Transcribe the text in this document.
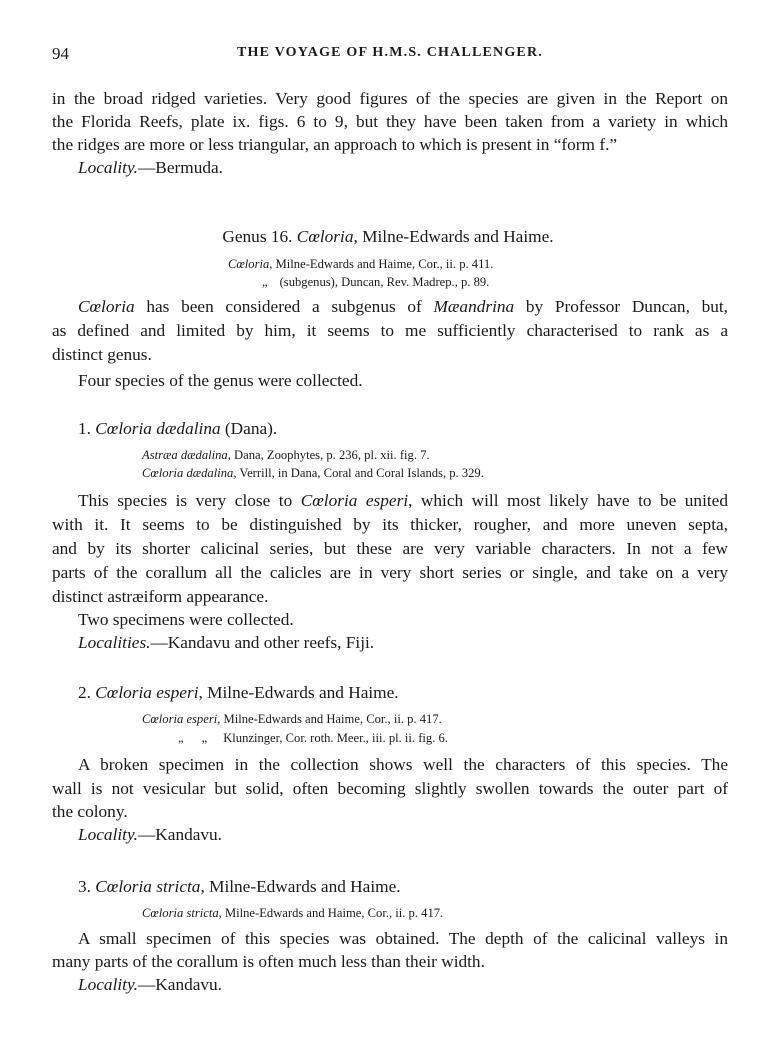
94	THE VOYAGE OF H.M.S. CHALLENGER.
in the broad ridged varieties. Very good figures of the species are given in the Report on
the Florida Reefs, plate ix. figs. 6 to 9, but they have been taken from a variety in which
the ridges are more or less triangular, an approach to which is present in “form f.”
Locality.—Bermuda.
Genus 16. Cœloria, Milne-Edwards and Haime.
Cœloria, Milne-Edwards and Haime, Cor., ii. p. 411.
„ (subgenus), Duncan, Rev. Madrep., p. 89.
Cœloria has been considered a subgenus of Mæandrina by Professor Duncan, but,
as defined and limited by him, it seems to me sufficiently characterised to rank as a
distinct genus.
Four species of the genus were collected.
1. Cœloria dædalina (Dana).
Astræa dædalina, Dana, Zoophytes, p. 236, pl. xii. fig. 7.
Cœloria dædalina, Verrill, in Dana, Coral and Coral Islands, p. 329.
This species is very close to Cœloria esperi, which will most likely have to be united
with it. It seems to be distinguished by its thicker, rougher, and more uneven septa,
and by its shorter calicinal series, but these are very variable characters. In not a few
parts of the corallum all the calicles are in very short series or single, and take on a very
distinct astræiform appearance.
Two specimens were collected.
Localities.—Kandavu and other reefs, Fiji.
2. Cœloria esperi, Milne-Edwards and Haime.
Cœloria esperi, Milne-Edwards and Haime, Cor., ii. p. 417.
„ „ Klunzinger, Cor. roth. Meer., iii. pl. ii. fig. 6.
A broken specimen in the collection shows well the characters of this species. The
wall is not vesicular but solid, often becoming slightly swollen towards the outer part of
the colony.
Locality.—Kandavu.
3. Cœloria stricta, Milne-Edwards and Haime.
Cœloria stricta, Milne-Edwards and Haime, Cor., ii. p. 417.
A small specimen of this species was obtained. The depth of the calicinal valleys in
many parts of the corallum is often much less than their width.
Locality.—Kandavu.
